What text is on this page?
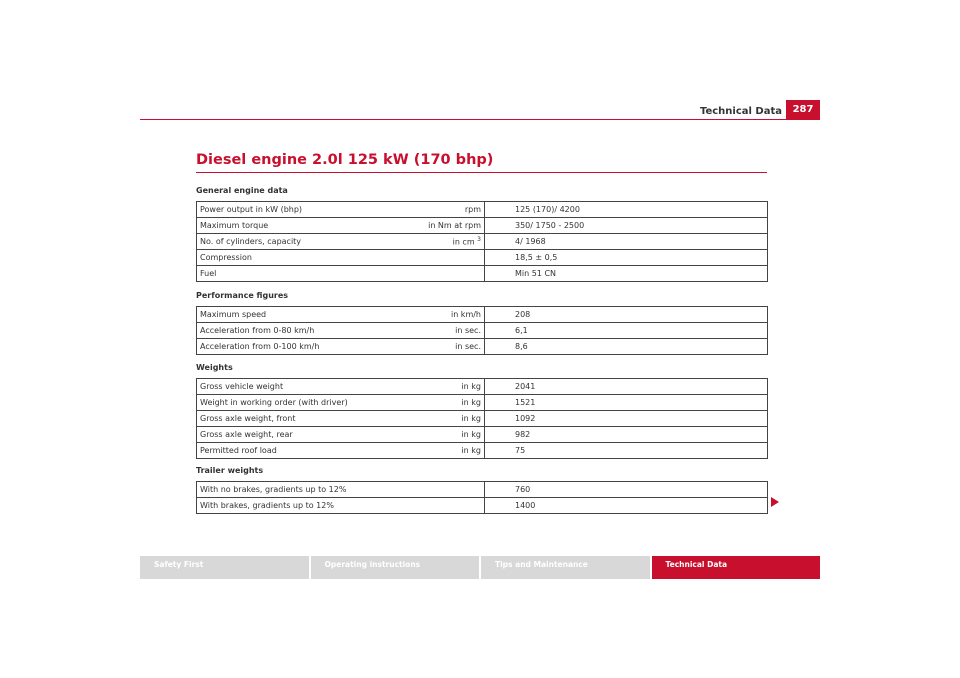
Technical Data	287
Diesel engine 2.0l 125 kW (170 bhp)
General engine data
Power output in kW (bhp)	rpm	125 (170)/ 4200
Maximum torque	in Nm at rpm	350/ 1750 - 2500
No. of cylinders, capacity	in cm $^3$	4/ 1968
Compression		18,5 ± 0,5
Fuel		Min 51 CN
Performance figures
Maximum speed	in km/h	208
Acceleration from 0-80 km/h	in sec.	6,1
Acceleration from 0-100 km/h	in sec.	8,6
Weights
Gross vehicle weight	in kg	2041
Weight in working order (with driver)	in kg	1521
Gross axle weight, front	in kg	1092
Gross axle weight, rear	in kg	982
Permitted roof load	in kg	75
Trailer weights
With no brakes, gradients up to 12%	760
With brakes, gradients up to 12%	1400
Safety First	Operating instructions	Tips and Maintenance	Technical Data
